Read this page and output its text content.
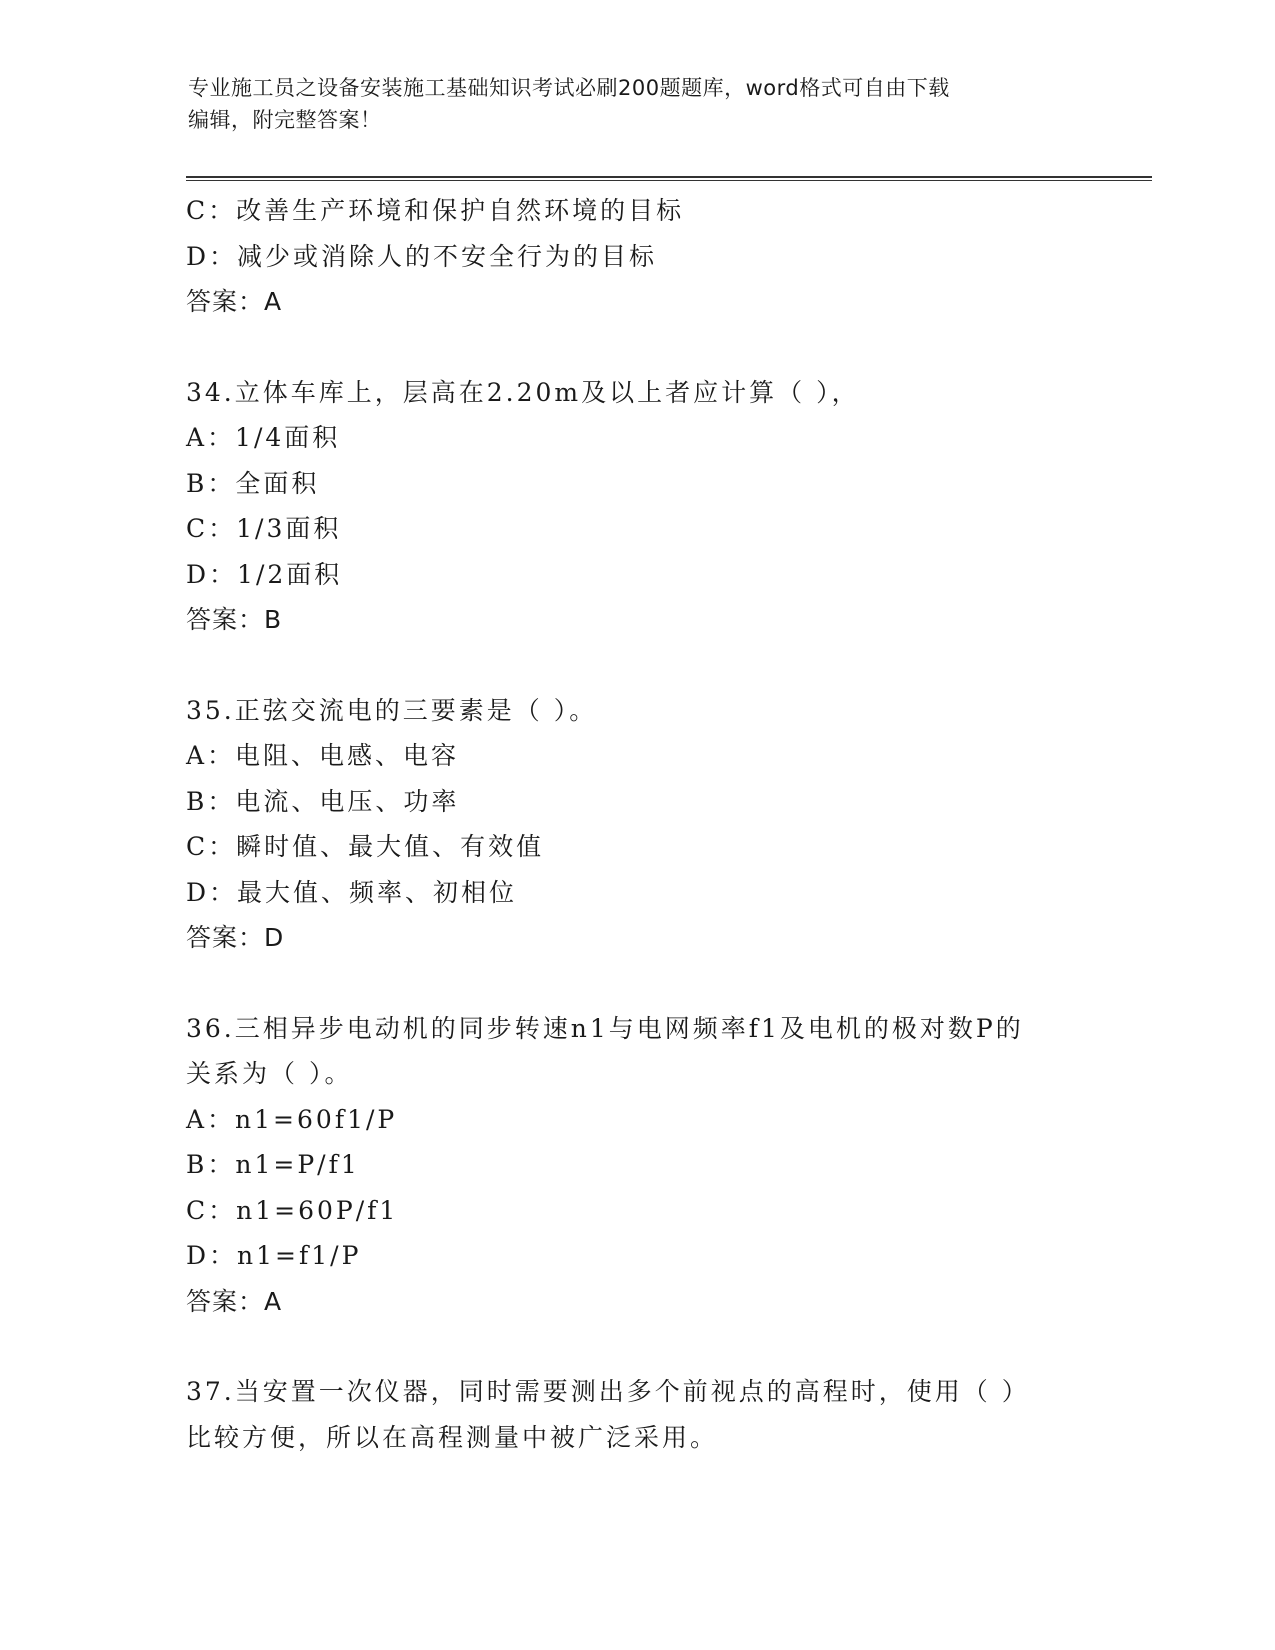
专业施工员之设备安装施工基础知识考试必刷200题题库，word格式可自由下载
编辑，附完整答案！
C：改善生产环境和保护自然环境的目标
D：减少或消除人的不安全行为的目标
答案：A
34.立体车库上，层高在2.20m及以上者应计算（ ），
A：1/4面积
B：全面积
C：1/3面积
D：1/2面积
答案：B
35.正弦交流电的三要素是（ ）。
A：电阻、电感、电容
B：电流、电压、功率
C：瞬时值、最大值、有效值
D：最大值、频率、初相位
答案：D
36.三相异步电动机的同步转速n1与电网频率f1及电机的极对数P的
关系为（ ）。
A：n1=60f1/P
B：n1=P/f1
C：n1=60P/f1
D：n1=f1/P
答案：A
37.当安置一次仪器，同时需要测出多个前视点的高程时，使用（ ）
比较方便，所以在高程测量中被广泛采用。
